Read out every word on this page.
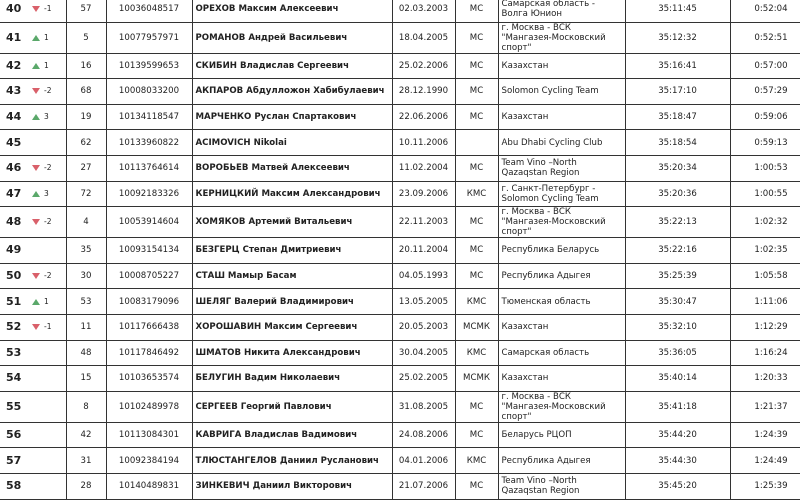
40 -1	57	10036048517	ОРЕХОВ Максим Алексеевич	02.03.2003	МС	Самарская область - Волга Юнион	35:11:45	0:52:04

41 1	5	10077957971	РОМАНОВ Андрей Васильевич	18.04.2005	МС	г. Москва - ВСК "Мангазея-Московский спорт"	35:12:32	0:52:51

42 1	16	10139599653	СКИБИН Владислав Сергеевич	25.02.2006	МС	Казахстан	35:16:41	0:57:00

43 -2	68	10008033200	АКПАРОВ Абдулложон Хабибулаевич	28.12.1990	МС	Solomon Cycling Team	35:17:10	0:57:29

44 3	19	10134118547	МАРЧЕНКО Руслан Спартакович	22.06.2006	МС	Казахстан	35:18:47	0:59:06

45	62	10133960822	ACIMOVICH Nikolai	10.11.2006		Abu Dhabi Cycling Club	35:18:54	0:59:13

46 -2	27	10113764614	ВОРОБЬЕВ Матвей Алексеевич	11.02.2004	МС	Team Vino –North Qazaqstan Region	35:20:34	1:00:53

47 3	72	10092183326	КЕРНИЦКИЙ Максим Александрович	23.09.2006	КМС	г. Санкт-Петербург - Solomon Cycling Team	35:20:36	1:00:55

48 -2	4	10053914604	ХОМЯКОВ Артемий Витальевич	22.11.2003	МС	г. Москва - ВСК "Мангазея-Московский спорт"	35:22:13	1:02:32

49	35	10093154134	БЕЗГЕРЦ Степан Дмитриевич	20.11.2004	МС	Республика Беларусь	35:22:16	1:02:35

50 -2	30	10008705227	СТАШ Мамыр Басам	04.05.1993	МС	Республика Адыгея	35:25:39	1:05:58

51 1	53	10083179096	ШЕЛЯГ Валерий Владимирович	13.05.2005	КМС	Тюменская область	35:30:47	1:11:06

52 -1	11	10117666438	ХОРОШАВИН Максим Сергеевич	20.05.2003	МСМК	Казахстан	35:32:10	1:12:29

53	48	10117846492	ШМАТОВ Никита Александрович	30.04.2005	КМС	Самарская область	35:36:05	1:16:24

54	15	10103653574	БЕЛУГИН Вадим Николаевич	25.02.2005	МСМК	Казахстан	35:40:14	1:20:33

55	8	10102489978	СЕРГЕЕВ Георгий Павлович	31.08.2005	МС	г. Москва - ВСК "Мангазея-Московский спорт"	35:41:18	1:21:37

56	42	10113084301	КАВРИГА Владислав Вадимович	24.08.2006	МС	Беларусь РЦОП	35:44:20	1:24:39

57	31	10092384194	ТЛЮСТАНГЕЛОВ Даниил Русланович	04.01.2006	КМС	Республика Адыгея	35:44:30	1:24:49

58	28	10140489831	ЗИНКЕВИЧ Даниил Викторович	21.07.2006	МС	Team Vino –North Qazaqstan Region	35:45:20	1:25:39
